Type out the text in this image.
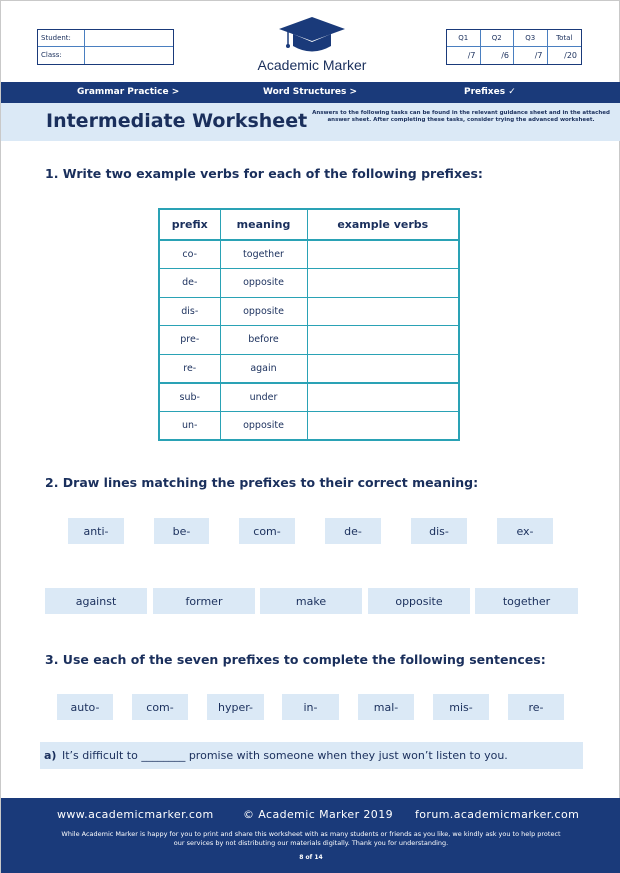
Student:
Class:
Academic Marker
Q1	Q2	Q3	Total
/7	/6	/7	/20
Grammar Practice >	Word Structures >	Prefixes ✓
Intermediate Worksheet Answers to the following tasks can be found in the relevant guidance sheet and in the attached answer sheet. After completing these tasks, consider trying the advanced worksheet.
1. Write two example verbs for each of the following prefixes:
prefix	meaning	example verbs
co-	together	
de-	opposite	
dis-	opposite	
pre-	before	
re-	again	
sub-	under	
un-	opposite	
2. Draw lines matching the prefixes to their correct meaning:
anti-	be-	com-	de-	dis-	ex-
against	former	make	opposite	together
3. Use each of the seven prefixes to complete the following sentences:
auto-	com-	hyper-	in-	mal-	mis-	re-
a) It’s difficult to ________ promise with someone when they just won’t listen to you.
www.academicmarker.com	© Academic Marker 2019 forum.academicmarker.com
While Academic Marker is happy for you to print and share this worksheet with as many students or friends as you like, we kindly ask you to help protect our services by not distributing our materials digitally. Thank you for understanding.
8 of 14
